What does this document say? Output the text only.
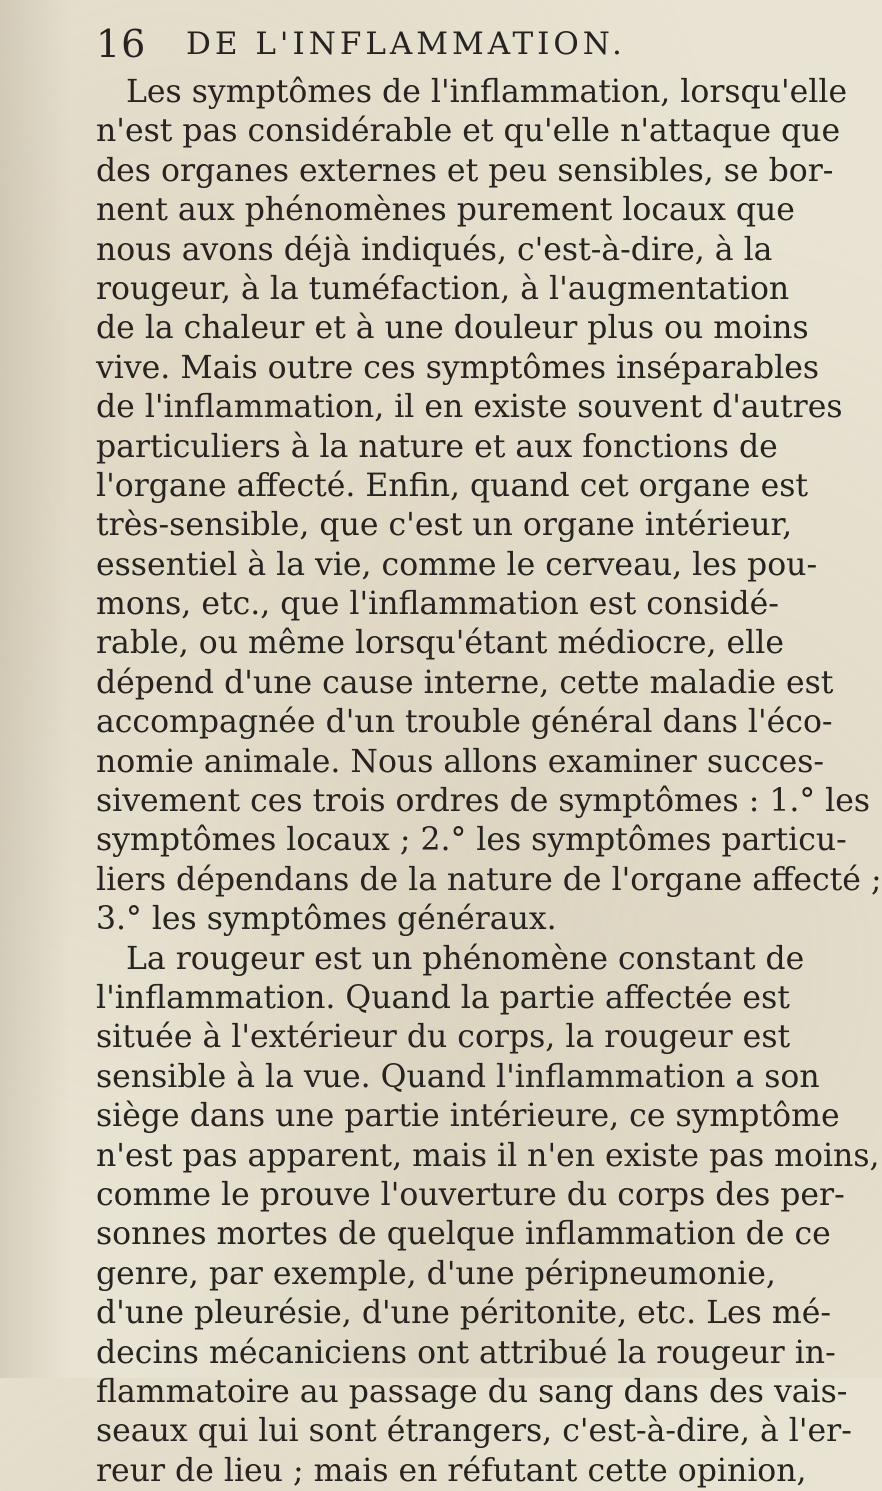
16 DE L'INFLAMMATION.
Les symptômes de l'inflammation, lorsqu'elle
n'est pas considérable et qu'elle n'attaque que
des organes externes et peu sensibles, se bor-
nent aux phénomènes purement locaux que
nous avons déjà indiqués, c'est-à-dire, à la
rougeur, à la tuméfaction, à l'augmentation
de la chaleur et à une douleur plus ou moins
vive. Mais outre ces symptômes inséparables
de l'inflammation, il en existe souvent d'autres
particuliers à la nature et aux fonctions de
l'organe affecté. Enfin, quand cet organe est
très-sensible, que c'est un organe intérieur,
essentiel à la vie, comme le cerveau, les pou-
mons, etc., que l'inflammation est considé-
rable, ou même lorsqu'étant médiocre, elle
dépend d'une cause interne, cette maladie est
accompagnée d'un trouble général dans l'éco-
nomie animale. Nous allons examiner succes-
sivement ces trois ordres de symptômes : 1.° les
symptômes locaux ; 2.° les symptômes particu-
liers dépendans de la nature de l'organe affecté ;
3.° les symptômes généraux.
La rougeur est un phénomène constant de
l'inflammation. Quand la partie affectée est
située à l'extérieur du corps, la rougeur est
sensible à la vue. Quand l'inflammation a son
siège dans une partie intérieure, ce symptôme
n'est pas apparent, mais il n'en existe pas moins,
comme le prouve l'ouverture du corps des per-
sonnes mortes de quelque inflammation de ce
genre, par exemple, d'une péripneumonie,
d'une pleurésie, d'une péritonite, etc. Les mé-
decins mécaniciens ont attribué la rougeur in-
flammatoire au passage du sang dans des vais-
seaux qui lui sont étrangers, c'est-à-dire, à l'er-
reur de lieu ; mais en réfutant cette opinion,
